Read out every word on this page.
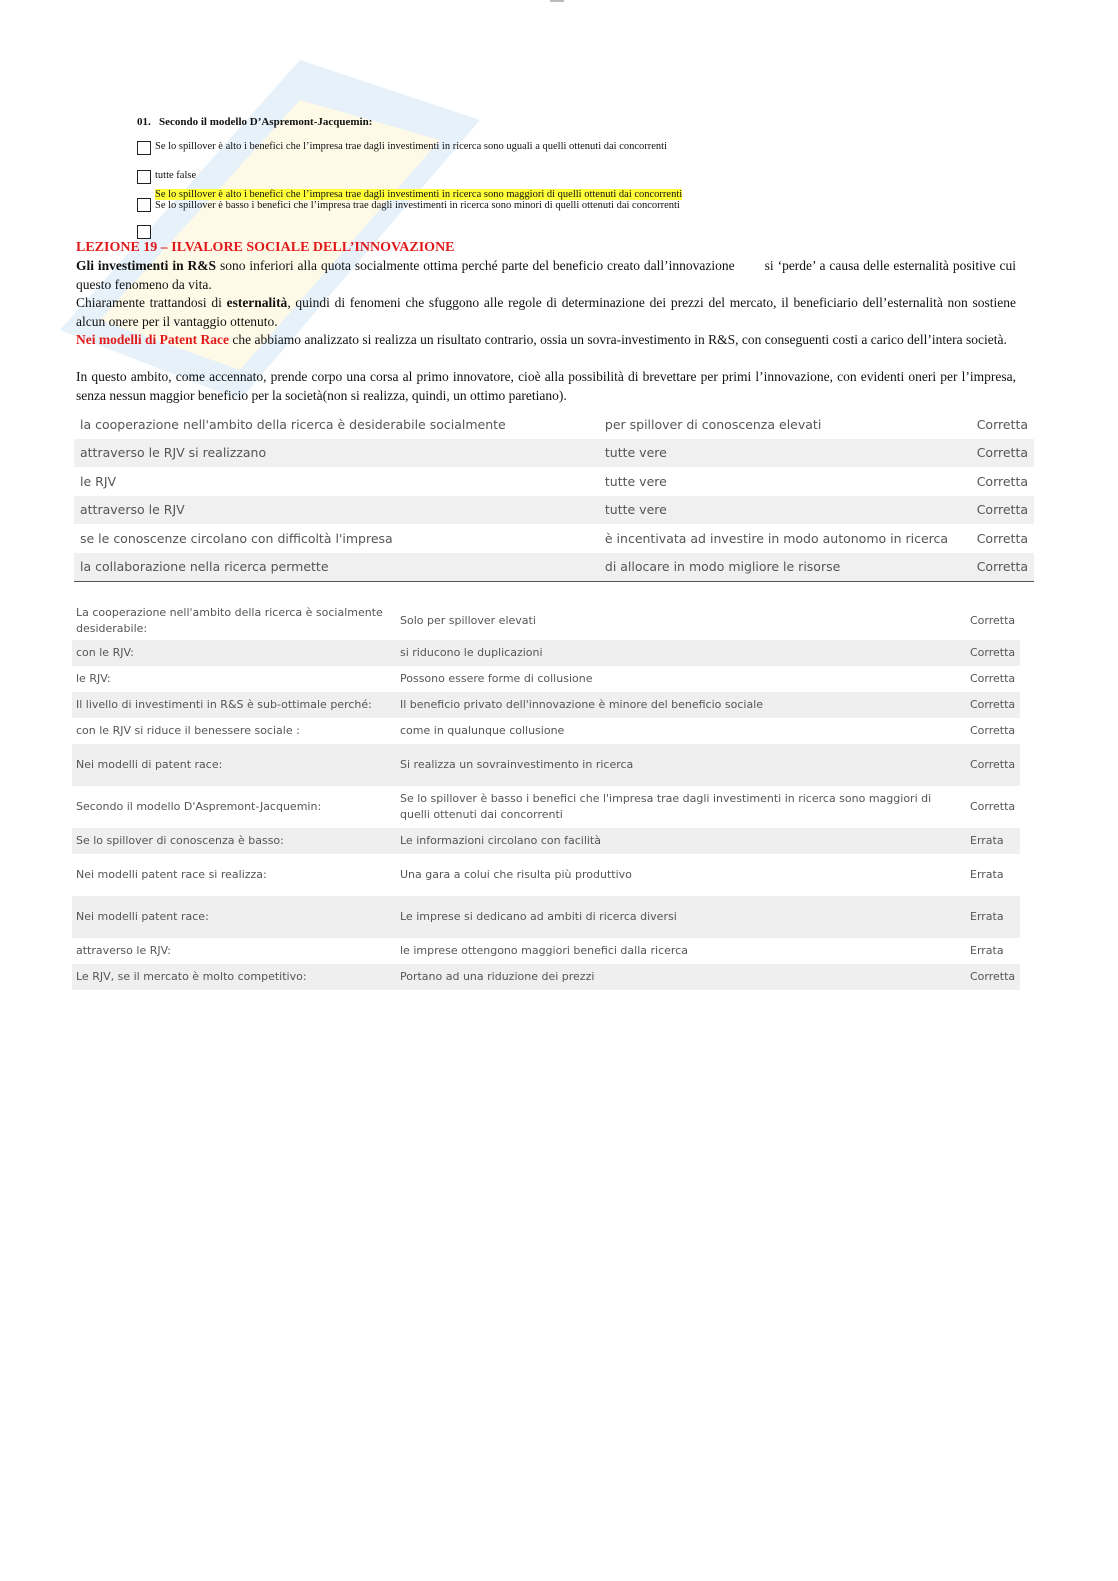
01. Secondo il modello D’Aspremont-Jacquemin:
Se lo spillover è alto i benefici che l’impresa trae dagli investimenti in ricerca sono uguali a quelli ottenuti dai concorrenti
tutte false
Se lo spillover è alto i benefici che l’impresa trae dagli investimenti in ricerca sono maggiori di quelli ottenuti dai concorrenti
Se lo spillover è basso i benefici che l’impresa trae dagli investimenti in ricerca sono minori di quelli ottenuti dai concorrenti
LEZIONE 19 – ILVALORE SOCIALE DELL’INNOVAZIONE
Gli investimenti in R&S sono inferiori alla quota socialmente ottima perché parte del beneficio creato dall’innovazione si ‘perde’ a causa delle esternalità positive cui questo fenomeno da vita.
Chiaramente trattandosi di esternalità, quindi di fenomeni che sfuggono alle regole di determinazione dei prezzi del mercato, il beneficiario dell’esternalità non sostiene alcun onere per il vantaggio ottenuto.
Nei modelli di Patent Race che abbiamo analizzato si realizza un risultato contrario, ossia un sovra-investimento in R&S, con conseguenti costi a carico dell’intera società.
In questo ambito, come accennato, prende corpo una corsa al primo innovatore, cioè alla possibilità di brevettare per primi l’innovazione, con evidenti oneri per l’impresa, senza nessun maggior beneficio per la società(non si realizza, quindi, un ottimo paretiano).
la cooperazione nell'ambito della ricerca è desiderabile socialmente	per spillover di conoscenza elevati	Corretta
attraverso le RJV si realizzano	tutte vere	Corretta
le RJV	tutte vere	Corretta
attraverso le RJV	tutte vere	Corretta
se le conoscenze circolano con difficoltà l'impresa	è incentivata ad investire in modo autonomo in ricerca	Corretta
la collaborazione nella ricerca permette	di allocare in modo migliore le risorse	Corretta
La cooperazione nell'ambito della ricerca è socialmente desiderabile:	Solo per spillover elevati	Corretta
con le RJV:	si riducono le duplicazioni	Corretta
le RJV:	Possono essere forme di collusione	Corretta
Il livello di investimenti in R&S è sub-ottimale perché:	Il beneficio privato dell'innovazione è minore del beneficio sociale	Corretta
con le RJV si riduce il benessere sociale :	come in qualunque collusione	Corretta
Nei modelli di patent race:	Si realizza un sovrainvestimento in ricerca	Corretta
Secondo il modello D'Aspremont-Jacquemin:	Se lo spillover è basso i benefici che l'impresa trae dagli investimenti in ricerca sono maggiori di quelli ottenuti dai concorrenti	Corretta
Se lo spillover di conoscenza è basso:	Le informazioni circolano con facilità	Errata
Nei modelli patent race si realizza:	Una gara a colui che risulta più produttivo	Errata
Nei modelli patent race:	Le imprese si dedicano ad ambiti di ricerca diversi	Errata
attraverso le RJV:	le imprese ottengono maggiori benefici dalla ricerca	Errata
Le RJV, se il mercato è molto competitivo:	Portano ad una riduzione dei prezzi	Corretta
